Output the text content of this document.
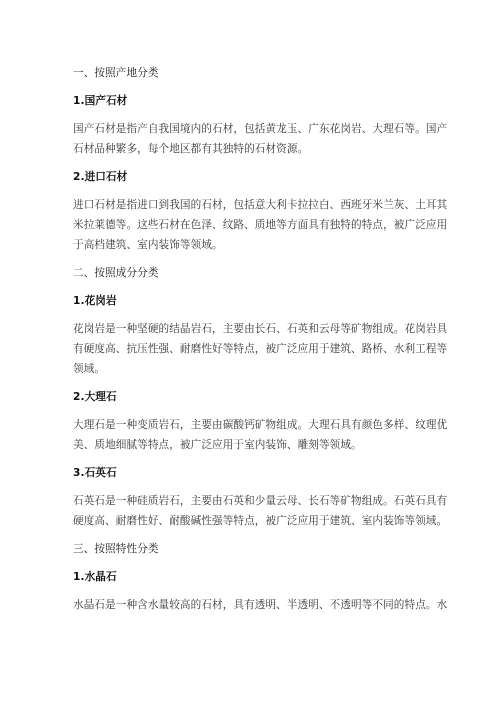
一、按照产地分类
1.国产石材
国产石材是指产自我国境内的石材，包括黄龙玉、广东花岗岩、大理石等。国产
石材品种繁多，每个地区都有其独特的石材资源。
2.进口石材
进口石材是指进口到我国的石材，包括意大利卡拉拉白、西班牙米兰灰、土耳其
米拉莱德等。这些石材在色泽、纹路、质地等方面具有独特的特点，被广泛应用
于高档建筑、室内装饰等领域。
二、按照成分分类
1.花岗岩
花岗岩是一种坚硬的结晶岩石，主要由长石、石英和云母等矿物组成。花岗岩具
有硬度高、抗压性强、耐磨性好等特点，被广泛应用于建筑、路桥、水利工程等
领域。
2.大理石
大理石是一种变质岩石，主要由碳酸钙矿物组成。大理石具有颜色多样、纹理优
美、质地细腻等特点，被广泛应用于室内装饰、雕刻等领域。
3.石英石
石英石是一种硅质岩石，主要由石英和少量云母、长石等矿物组成。石英石具有
硬度高、耐磨性好、耐酸碱性强等特点，被广泛应用于建筑、室内装饰等领域。
三、按照特性分类
1.水晶石
水晶石是一种含水量较高的石材，具有透明、半透明、不透明等不同的特点。水
